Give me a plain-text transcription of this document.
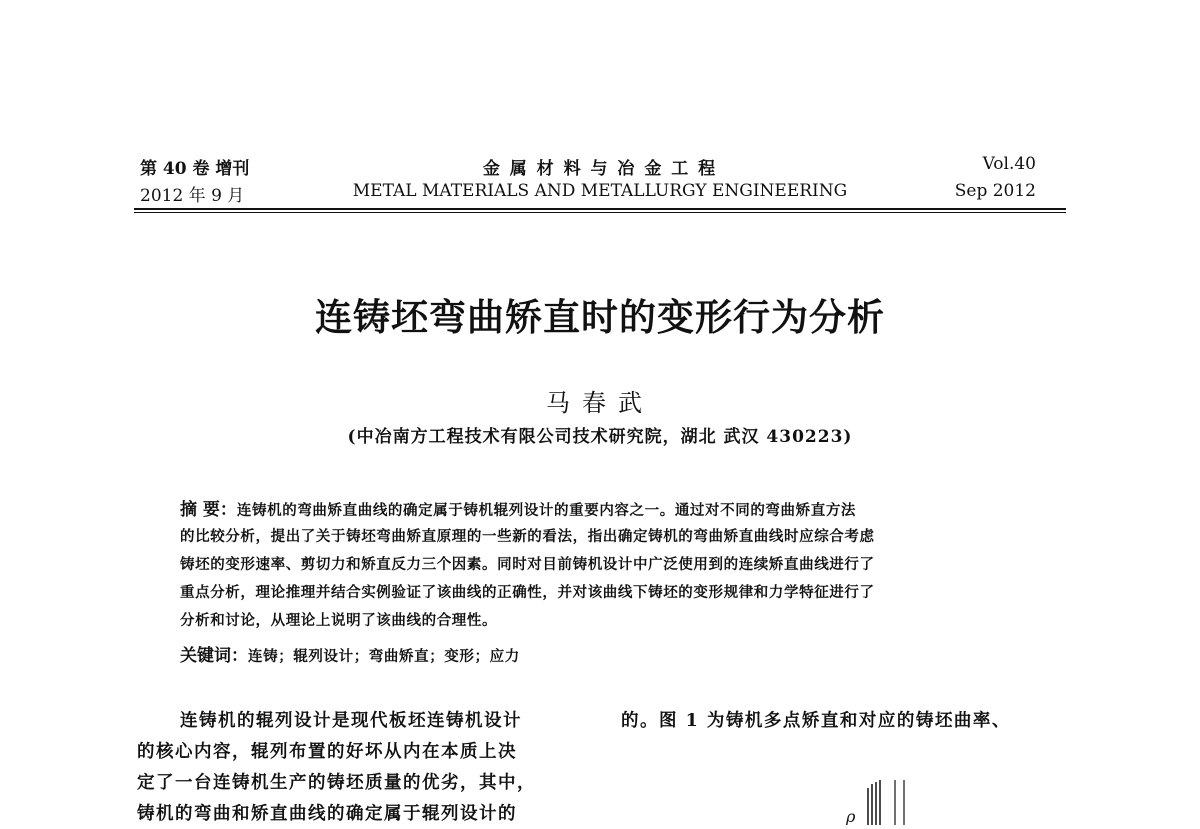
第 40 卷 增刊
2012 年 9 月
金 属 材 料 与 冶 金 工 程
METAL MATERIALS AND METALLURGY ENGINEERING
Vol.40
Sep 2012
连铸坯弯曲矫直时的变形行为分析
马春武
(中冶南方工程技术有限公司技术研究院，湖北 武汉 430223)
摘 要：连铸机的弯曲矫直曲线的确定属于铸机辊列设计的重要内容之一。通过对不同的弯曲矫直方法
的比较分析，提出了关于铸坯弯曲矫直原理的一些新的看法，指出确定铸机的弯曲矫直曲线时应综合考虑
铸坯的变形速率、剪切力和矫直反力三个因素。同时对目前铸机设计中广泛使用到的连续矫直曲线进行了
重点分析，理论推理并结合实例验证了该曲线的正确性，并对该曲线下铸坯的变形规律和力学特征进行了
分析和讨论，从理论上说明了该曲线的合理性。
关键词：连铸；辊列设计；弯曲矫直；变形；应力
连铸机的辊列设计是现代板坯连铸机设计
的核心内容，辊列布置的好坏从内在本质上决
定了一台连铸机生产的铸坯质量的优劣，其中，
铸机的弯曲和矫直曲线的确定属于辊列设计的
的。图 1 为铸机多点矫直和对应的铸坯曲率、
ρ
